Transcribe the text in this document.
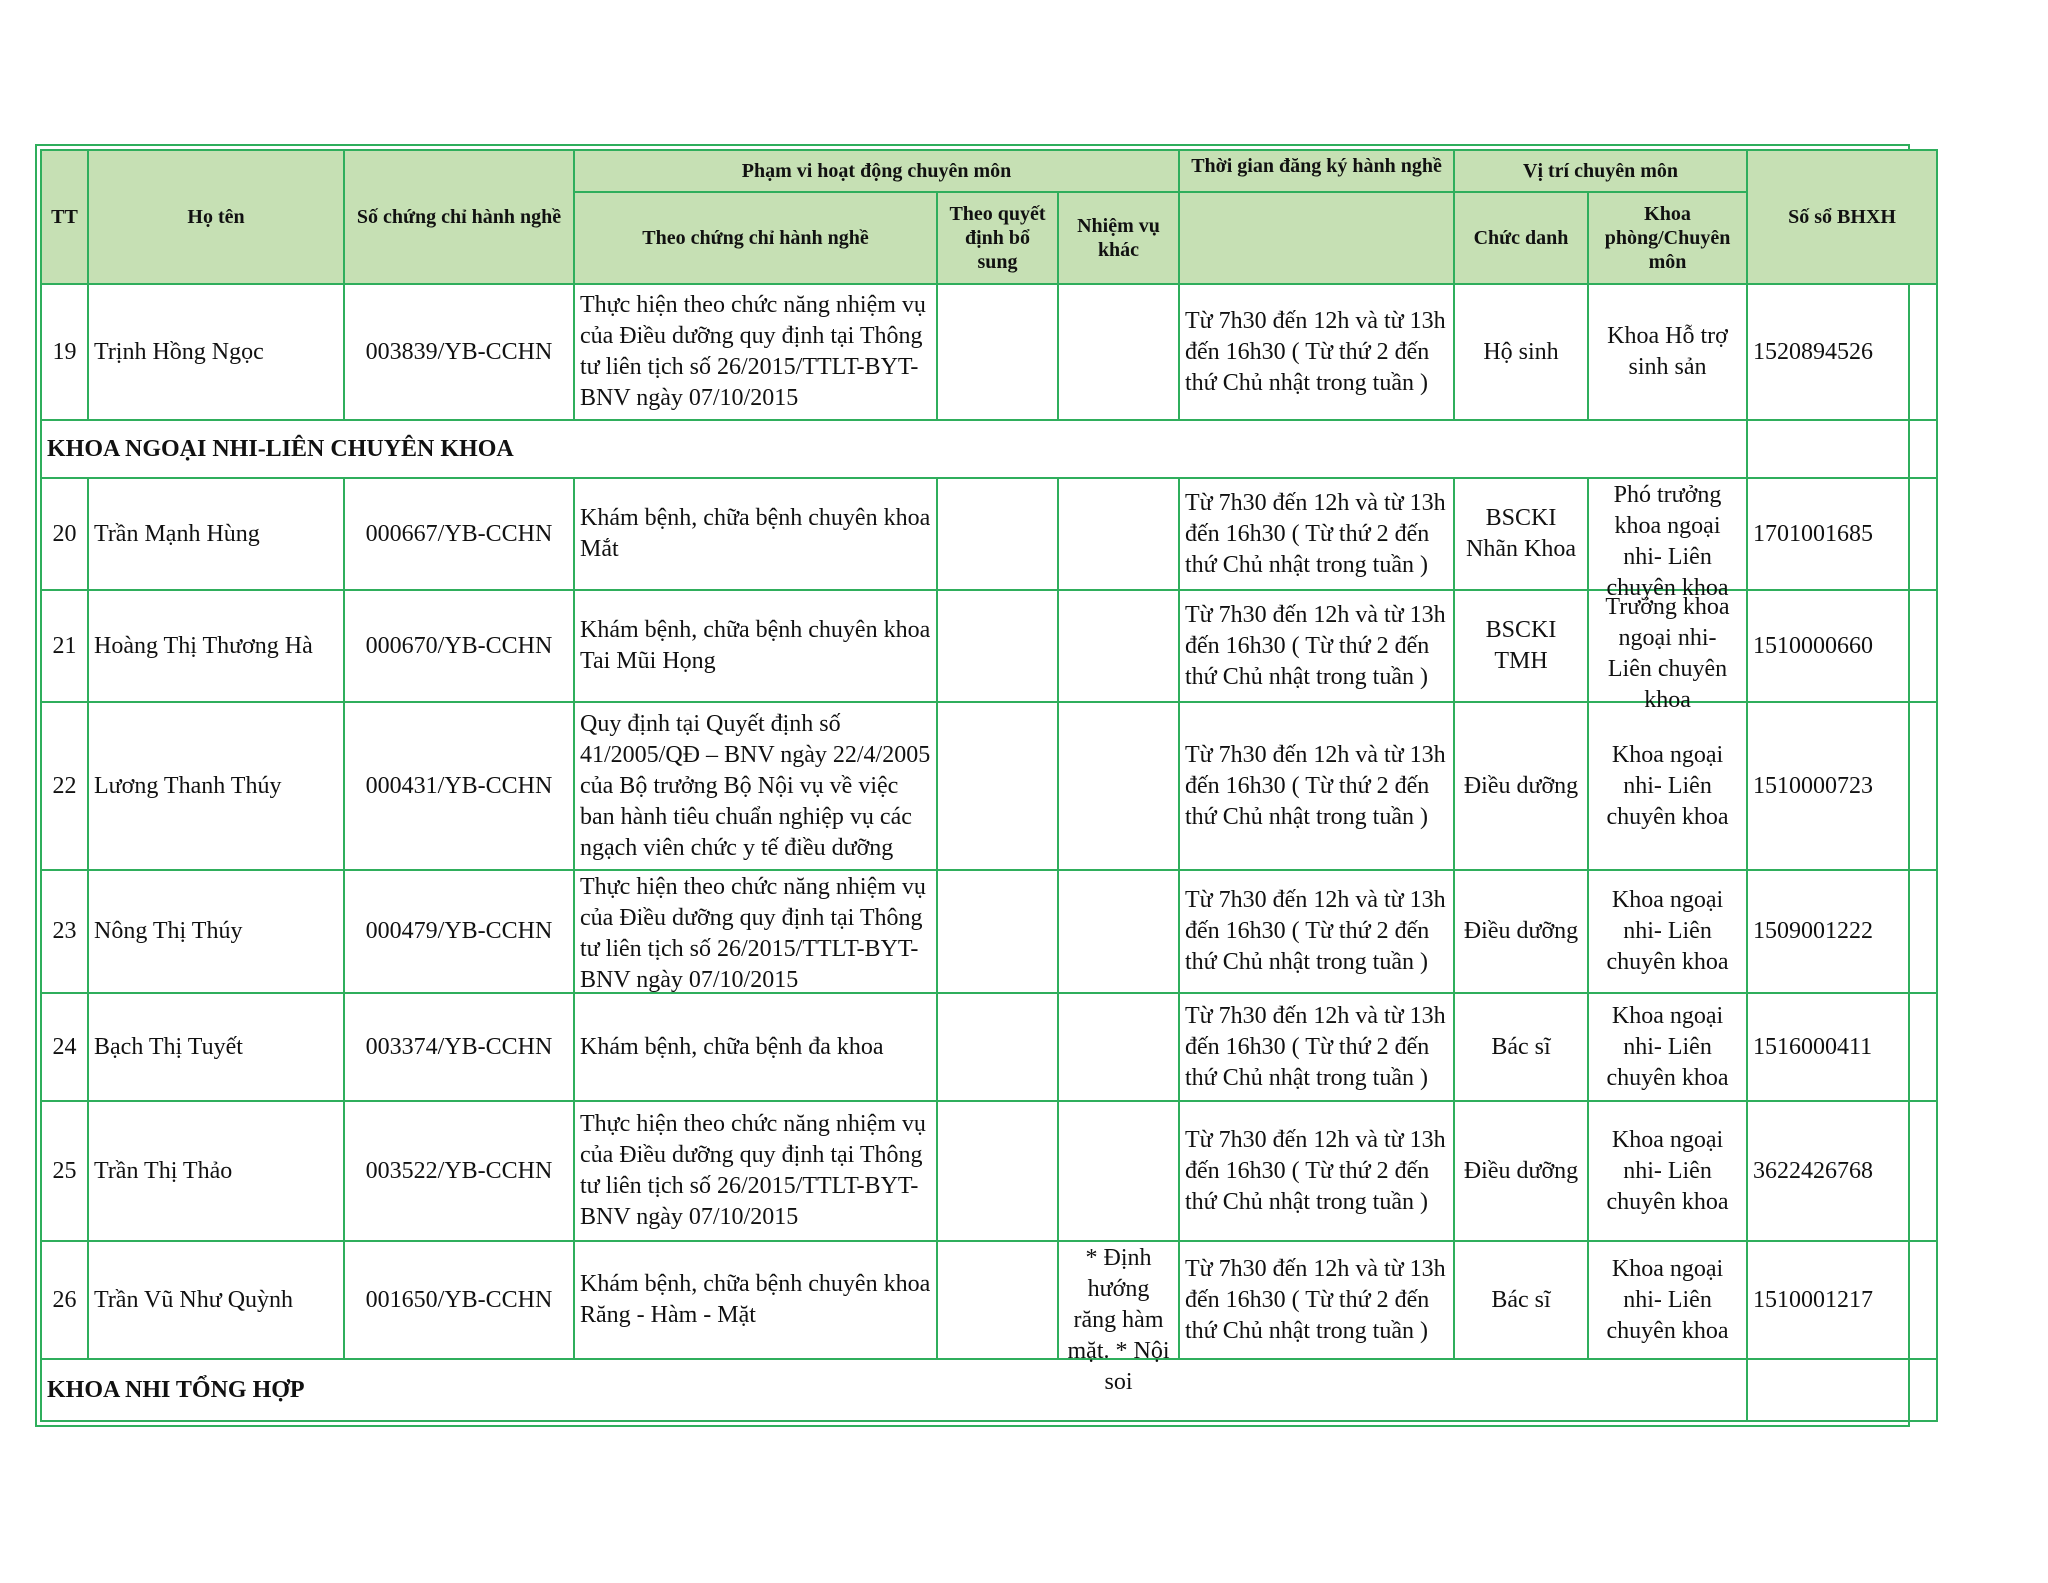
TT	Họ tên	Số chứng chỉ hành nghề	Phạm vi hoạt động chuyên môn			Thời gian đăng ký hành nghề	Vị trí chuyên môn		Số sổ BHXH
			Theo chứng chỉ hành nghề	Theo quyết định bổ sung	Nhiệm vụ khác		Chức danh	Khoa phòng/Chuyên môn	

19	Trịnh Hồng Ngọc	003839/YB-CCHN	Thực hiện theo chức năng nhiệm vụ của Điều dưỡng quy định tại Thông tư liên tịch số 26/2015/TTLT-BYT-BNV ngày 07/10/2015			Từ 7h30 đến 12h và từ 13h đến 16h30 ( Từ thứ 2 đến thứ Chủ nhật trong tuần )	Hộ sinh	Khoa Hỗ trợ sinh sản	1520894526

KHOA NGOẠI NHI-LIÊN CHUYÊN KHOA									

20	Trần Mạnh Hùng	000667/YB-CCHN	Khám bệnh, chữa bệnh chuyên khoa Mắt			Từ 7h30 đến 12h và từ 13h đến 16h30 ( Từ thứ 2 đến thứ Chủ nhật trong tuần )	BSCKI Nhãn Khoa	Phó trưởng khoa ngoại nhi- Liên chuyên khoa	1701001685

21	Hoàng Thị Thương Hà	000670/YB-CCHN	Khám bệnh, chữa bệnh chuyên khoa Tai Mũi Họng			Từ 7h30 đến 12h và từ 13h đến 16h30 ( Từ thứ 2 đến thứ Chủ nhật trong tuần )	BSCKI TMH	Trưởng khoa ngoại nhi- Liên chuyên khoa	1510000660

22	Lương Thanh Thúy	000431/YB-CCHN	Quy định tại Quyết định số 41/2005/QĐ – BNV ngày 22/4/2005 của Bộ trưởng Bộ Nội vụ về việc ban hành tiêu chuẩn nghiệp vụ các ngạch viên chức y tế điều dưỡng			Từ 7h30 đến 12h và từ 13h đến 16h30 ( Từ thứ 2 đến thứ Chủ nhật trong tuần )	Điều dưỡng	Khoa ngoại nhi- Liên chuyên khoa	1510000723

23	Nông Thị Thúy	000479/YB-CCHN	Thực hiện theo chức năng nhiệm vụ của Điều dưỡng quy định tại Thông tư liên tịch số 26/2015/TTLT-BYT-BNV ngày 07/10/2015			Từ 7h30 đến 12h và từ 13h đến 16h30 ( Từ thứ 2 đến thứ Chủ nhật trong tuần )	Điều dưỡng	Khoa ngoại nhi- Liên chuyên khoa	1509001222

24	Bạch Thị Tuyết	003374/YB-CCHN	Khám bệnh, chữa bệnh đa khoa			Từ 7h30 đến 12h và từ 13h đến 16h30 ( Từ thứ 2 đến thứ Chủ nhật trong tuần )	Bác sĩ	Khoa ngoại nhi- Liên chuyên khoa	1516000411

25	Trần Thị Thảo	003522/YB-CCHN	Thực hiện theo chức năng nhiệm vụ của Điều dưỡng quy định tại Thông tư liên tịch số 26/2015/TTLT-BYT-BNV ngày 07/10/2015			Từ 7h30 đến 12h và từ 13h đến 16h30 ( Từ thứ 2 đến thứ Chủ nhật trong tuần )	Điều dưỡng	Khoa ngoại nhi- Liên chuyên khoa	3622426768

26	Trần Vũ Như Quỳnh	001650/YB-CCHN	Khám bệnh, chữa bệnh chuyên khoa Răng - Hàm - Mặt		* Định hướng răng hàm mặt. * Nội soi	Từ 7h30 đến 12h và từ 13h đến 16h30 ( Từ thứ 2 đến thứ Chủ nhật trong tuần )	Bác sĩ	Khoa ngoại nhi- Liên chuyên khoa	1510001217

KHOA NHI TỔNG HỢP									
